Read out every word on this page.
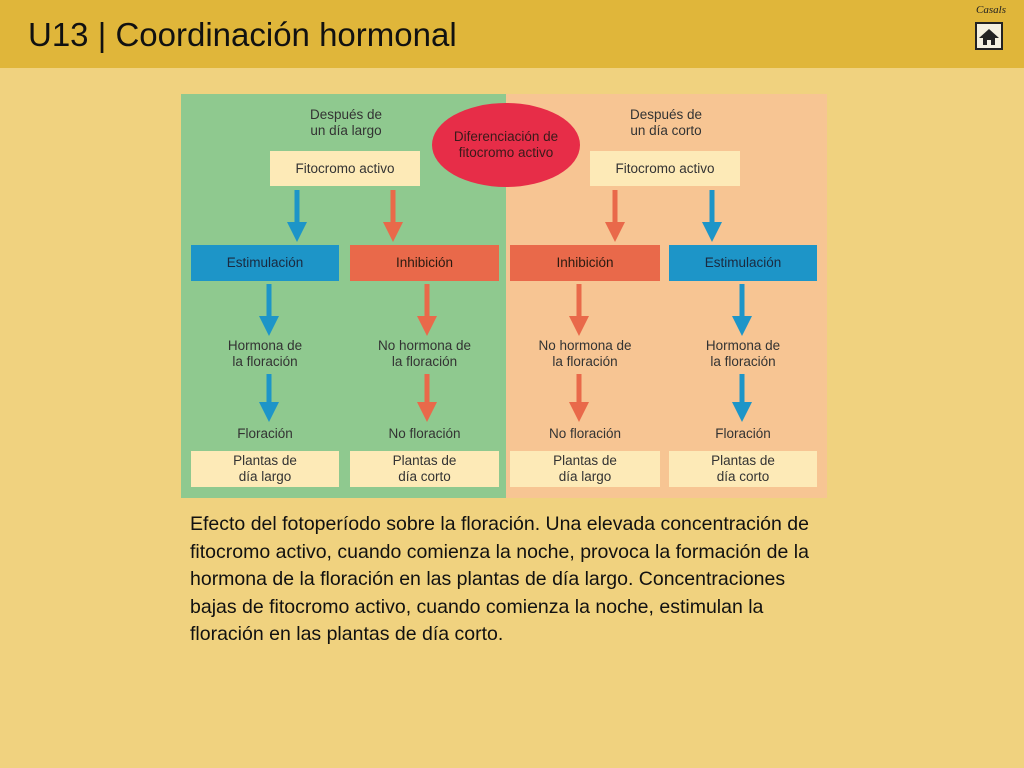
U13 | Coordinación hormonal
Casals
Después de
un día largo
Después de
un día corto
Diferenciación de
fitocromo activo
Fitocromo activo	Fitocromo activo
Estimulación	Inhibición	Inhibición	Estimulación
Hormona de
la floración
No hormona de
la floración
No hormona de
la floración
Hormona de
la floración
Floración	No floración	No floración	Floración
Plantas de
día largo
Plantas de
día corto
Plantas de
día largo
Plantas de
día corto
Efecto del fotoperíodo sobre la floración. Una elevada concentración de fitocromo activo, cuando comienza la noche, provoca la formación de la hormona de la floración en las plantas de día largo. Concentraciones bajas de fitocromo activo, cuando comienza la noche, estimulan la floración en las plantas de día corto.
